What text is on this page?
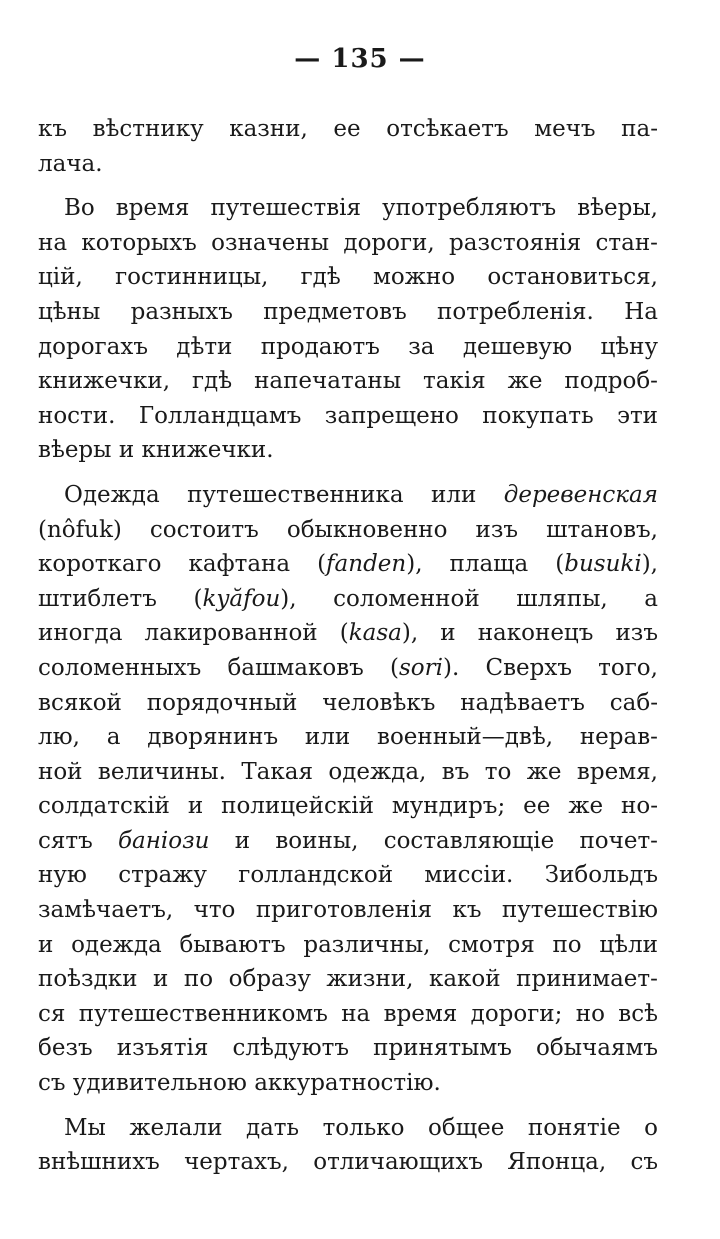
— 135 —
къ вѣстнику казни, ее отсѣкаетъ мечъ па-
лача.
Во время путешествія употребляютъ вѣеры,
на которыхъ означены дороги, разстоянія стан-
цій, гостинницы, гдѣ можно остановиться,
цѣны разныхъ предметовъ потребленія. На
дорогахъ дѣти продаютъ за дешевую цѣну
книжечки, гдѣ напечатаны такія же подроб-
ности. Голландцамъ запрещено покупать эти
вѣеры и книжечки.
Одежда путешественника или деревенская
(nôfuk) состоитъ обыкновенно изъ штановъ,
короткаго кафтана (fanden), плаща (busuki),
штиблетъ (kyăfou), соломенной шляпы, а
иногда лакированной (kasa), и наконецъ изъ
соломенныхъ башмаковъ (sori). Сверхъ того,
всякой порядочный человѣкъ надѣваетъ саб-
лю, а дворянинъ или военный—двѣ, нерав-
ной величины. Такая одежда, въ то же время,
солдатскій и полицейскій мундиръ; ее же но-
сятъ баніози и воины, составляющіе почет-
ную стражу голландской миссіи. Зибольдъ
замѣчаетъ, что приготовленія къ путешествію
и одежда бываютъ различны, смотря по цѣли
поѣздки и по образу жизни, какой принимает-
ся путешественникомъ на время дороги; но всѣ
безъ изъятія слѣдуютъ принятымъ обычаямъ
съ удивительною аккуратностію.
Мы желали дать только общее понятіе о
внѣшнихъ чертахъ, отличающихъ Японца, съ
